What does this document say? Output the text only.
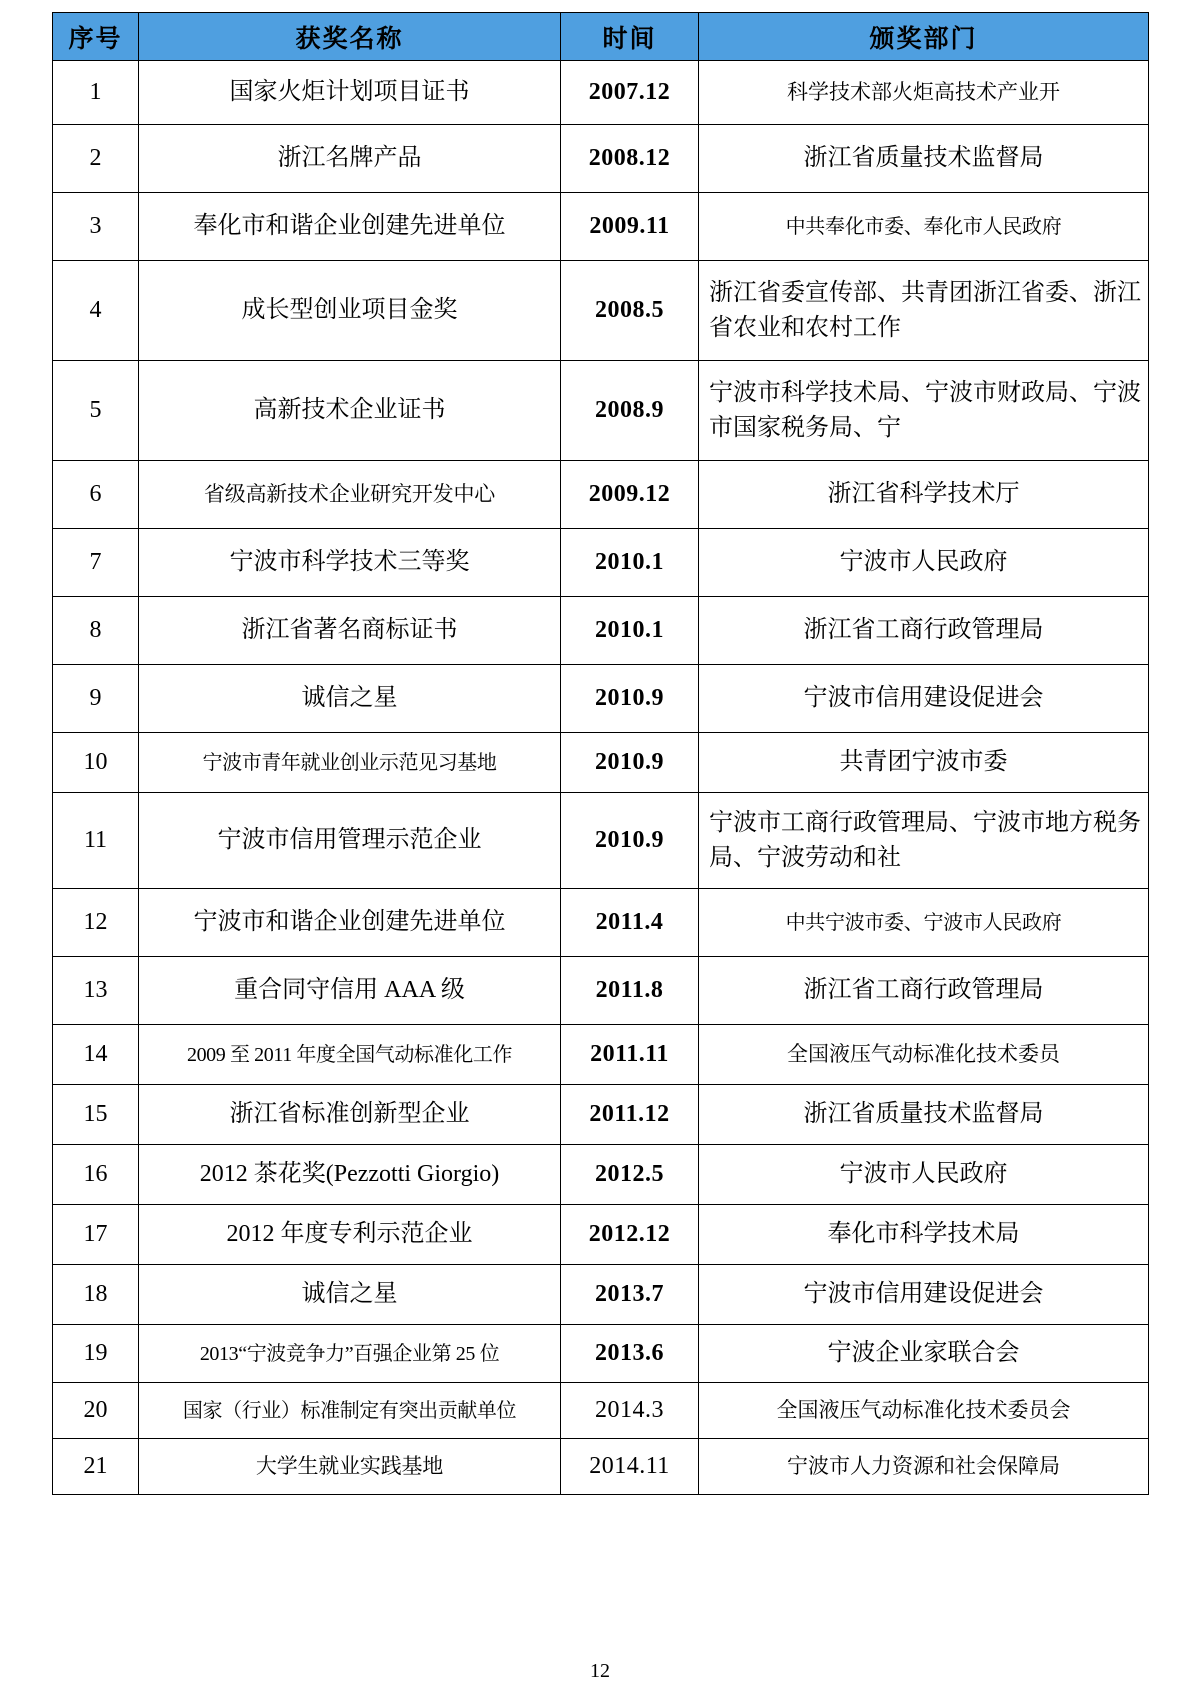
序号	获奖名称	时间	颁奖部门
1	国家火炬计划项目证书	2007.12	科学技术部火炬高技术产业开
2	浙江名牌产品	2008.12	浙江省质量技术监督局
3	奉化市和谐企业创建先进单位	2009.11	中共奉化市委、奉化市人民政府
4	成长型创业项目金奖	2008.5	浙江省委宣传部、共青团浙江省委、浙江省农业和农村工作
5	高新技术企业证书	2008.9	宁波市科学技术局、宁波市财政局、宁波市国家税务局、宁
6	省级高新技术企业研究开发中心	2009.12	浙江省科学技术厅
7	宁波市科学技术三等奖	2010.1	宁波市人民政府
8	浙江省著名商标证书	2010.1	浙江省工商行政管理局
9	诚信之星	2010.9	宁波市信用建设促进会
10	宁波市青年就业创业示范见习基地	2010.9	共青团宁波市委
11	宁波市信用管理示范企业	2010.9	宁波市工商行政管理局、宁波市地方税务局、宁波劳动和社
12	宁波市和谐企业创建先进单位	2011.4	中共宁波市委、宁波市人民政府
13	重合同守信用 AAA 级	2011.8	浙江省工商行政管理局
14	2009 至 2011 年度全国气动标准化工作	2011.11	全国液压气动标准化技术委员
15	浙江省标准创新型企业	2011.12	浙江省质量技术监督局
16	2012 茶花奖(Pezzotti Giorgio)	2012.5	宁波市人民政府
17	2012 年度专利示范企业	2012.12	奉化市科学技术局
18	诚信之星	2013.7	宁波市信用建设促进会
19	2013“宁波竞争力”百强企业第 25 位	2013.6	宁波企业家联合会
20	国家（行业）标准制定有突出贡献单位	2014.3	全国液压气动标准化技术委员会
21	大学生就业实践基地	2014.11	宁波市人力资源和社会保障局
12
